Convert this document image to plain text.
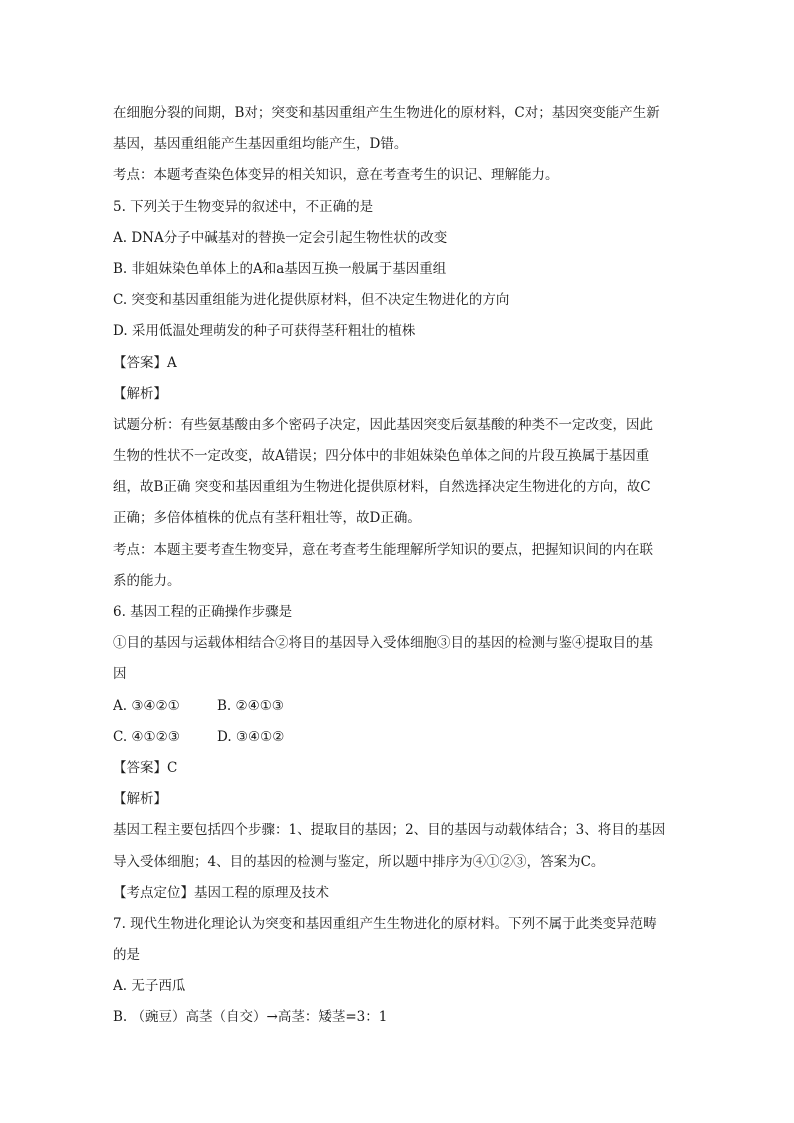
在细胞分裂的间期，B对；突变和基因重组产生生物进化的原材料，C对；基因突变能产生新
基因，基因重组能产生基因重组均能产生，D错。
考点：本题考查染色体变异的相关知识，意在考查考生的识记、理解能力。
5. 下列关于生物变异的叙述中，不正确的是
A. DNA分子中碱基对的替换一定会引起生物性状的改变
B. 非姐妹染色单体上的A和a基因互换一般属于基因重组
C. 突变和基因重组能为进化提供原材料，但不决定生物进化的方向
D. 采用低温处理萌发的种子可获得茎秆粗壮的植株
【答案】A
【解析】
试题分析：有些氨基酸由多个密码子决定，因此基因突变后氨基酸的种类不一定改变，因此
生物的性状不一定改变，故A错误；四分体中的非姐妹染色单体之间的片段互换属于基因重
组，故B正确 突变和基因重组为生物进化提供原材料，自然选择决定生物进化的方向，故C
正确；多倍体植株的优点有茎秆粗壮等，故D正确。
考点：本题主要考查生物变异，意在考查考生能理解所学知识的要点，把握知识间的内在联
系的能力。
6. 基因工程的正确操作步骤是
①目的基因与运载体相结合②将目的基因导入受体细胞③目的基因的检测与鉴④提取目的基
因
A. ③④②①	B. ②④①③
C. ④①②③	D. ③④①②
【答案】C
【解析】
基因工程主要包括四个步骤：1、提取目的基因；2、目的基因与动载体结合；3、将目的基因
导入受体细胞；4、目的基因的检测与鉴定，所以题中排序为④①②③，答案为C。
【考点定位】基因工程的原理及技术
7. 现代生物进化理论认为突变和基因重组产生生物进化的原材料。下列不属于此类变异范畴
的是
A. 无子西瓜
B. （豌豆）高茎（自交）→高茎：矮茎=3：1
